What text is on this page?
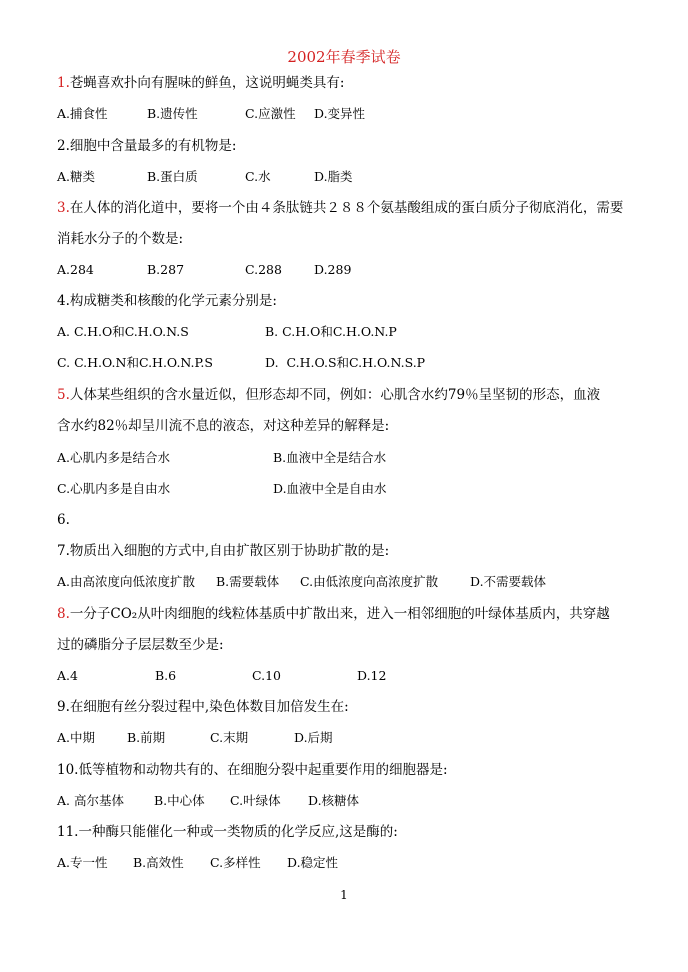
2002年春季试卷
1.苍蝇喜欢扑向有腥味的鲜鱼，这说明蝇类具有:
A.捕食性	B.遗传性	C.应激性 D.变异性
2.细胞中含量最多的有机物是:
A.糖类	B.蛋白质	C.水	D.脂类
3.在人体的消化道中，要将一个由４条肽链共２８８个氨基酸组成的蛋白质分子彻底消化，需要
消耗水分子的个数是:
A.284	B.287	C.288	D.289
4.构成糖类和核酸的化学元素分别是:
A. C.H.O和C.H.O.N.S	B. C.H.O和C.H.O.N.P
C. C.H.O.N和C.H.O.N.P.S	D.  C.H.O.S和C.H.O.N.S.P
5.人体某些组织的含水量近似，但形态却不同，例如：心肌含水约79％呈坚韧的形态，血液
含水约82％却呈川流不息的液态，对这种差异的解释是:
A.心肌内多是结合水	B.血液中全是结合水
C.心肌内多是自由水	D.血液中全是自由水
6.
7.物质出入细胞的方式中,自由扩散区别于协助扩散的是:
A.由高浓度向低浓度扩散 B.需要载体 C.由低浓度向高浓度扩散	D.不需要载体
8.一分子CO₂从叶肉细胞的线粒体基质中扩散出来，进入一相邻细胞的叶绿体基质内，共穿越
过的磷脂分子层层数至少是:
A.4	B.6	C.10	D.12
9.在细胞有丝分裂过程中,染色体数目加倍发生在:
A.中期	B.前期	C.末期	D.后期
10.低等植物和动物共有的、在细胞分裂中起重要作用的细胞器是:
A. 高尔基体 B.中心体 C.叶绿体 D.核糖体
11.一种酶只能催化一种或一类物质的化学反应,这是酶的:
A.专一性 B.高效性 C.多样性 D.稳定性
1
